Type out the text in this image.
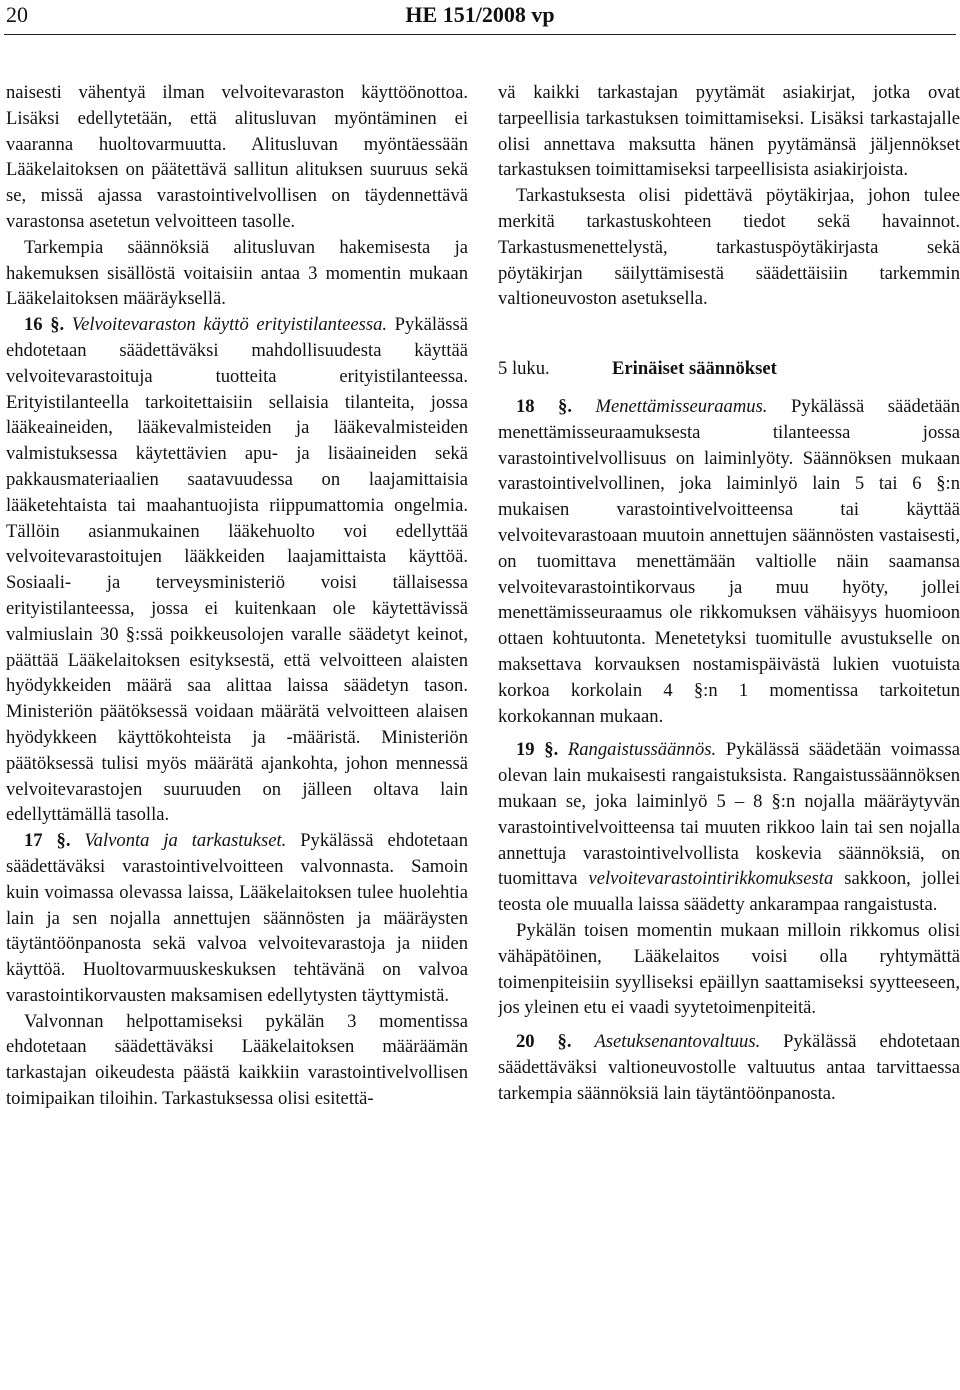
20	HE 151/2008 vp

naisesti vähentyä ilman velvoitevaraston käyttöönottoa. Lisäksi edellytetään, että alitusluvan myöntäminen ei vaaranna huoltovarmuutta. Alitusluvan myöntäessään Lääkelaitoksen on päätettävä sallitun alituksen suuruus sekä se, missä ajassa varastointivelvollisen on täydennettävä varastonsa asetetun velvoitteen tasolle.

Tarkempia säännöksiä alitusluvan hakemisesta ja hakemuksen sisällöstä voitaisiin antaa 3 momentin mukaan Lääkelaitoksen määräyksellä.

16 §. Velvoitevaraston käyttö erityistilanteessa. Pykälässä ehdotetaan säädettäväksi mahdollisuudesta käyttää velvoitevarastoituja tuotteita erityistilanteessa. Erityistilanteella tarkoitettaisiin sellaisia tilanteita, jossa lääkeaineiden, lääkevalmisteiden ja lääkevalmisteiden valmistuksessa käytettävien apu- ja lisäaineiden sekä pakkausmateriaalien saatavuudessa on laajamittaisia lääketehtaista tai maahantuojista riippumattomia ongelmia. Tällöin asianmukainen lääkehuolto voi edellyttää velvoitevarastoitujen lääkkeiden laajamittaista käyttöä. Sosiaali- ja terveysministeriö voisi tällaisessa erityistilanteessa, jossa ei kuitenkaan ole käytettävissä valmiuslain 30 §:ssä poikkeusolojen varalle säädetyt keinot, päättää Lääkelaitoksen esityksestä, että velvoitteen alaisten hyödykkeiden määrä saa alittaa laissa säädetyn tason. Ministeriön päätöksessä voidaan määrätä velvoitteen alaisen hyödykkeen käyttökohteista ja -määristä. Ministeriön päätöksessä tulisi myös määrätä ajankohta, johon mennessä velvoitevarastojen suuruuden on jälleen oltava lain edellyttämällä tasolla.

17 §. Valvonta ja tarkastukset. Pykälässä ehdotetaan säädettäväksi varastointivelvoitteen valvonnasta. Samoin kuin voimassa olevassa laissa, Lääkelaitoksen tulee huolehtia lain ja sen nojalla annettujen säännösten ja määräysten täytäntöönpanosta sekä valvoa velvoitevarastoja ja niiden käyttöä. Huoltovarmuuskeskuksen tehtävänä on valvoa varastointikorvausten maksamisen edellytysten täyttymistä.

Valvonnan helpottamiseksi pykälän 3 momentissa ehdotetaan säädettäväksi Lääkelaitoksen määräämän tarkastajan oikeudesta päästä kaikkiin varastointivelvollisen toimipaikan tiloihin. Tarkastuksessa olisi esitettä-

vä kaikki tarkastajan pyytämät asiakirjat, jotka ovat tarpeellisia tarkastuksen toimittamiseksi. Lisäksi tarkastajalle olisi annettava maksutta hänen pyytämänsä jäljennökset tarkastuksen toimittamiseksi tarpeellisista asiakirjoista.

Tarkastuksesta olisi pidettävä pöytäkirjaa, johon tulee merkitä tarkastuskohteen tiedot sekä havainnot. Tarkastusmenettelystä, tarkastuspöytäkirjasta sekä pöytäkirjan säilyttämisestä säädettäisiin tarkemmin valtioneuvoston asetuksella.

5 luku.	Erinäiset säännökset

18 §. Menettämisseuraamus. Pykälässä säädetään menettämisseuraamuksesta tilanteessa jossa varastointivelvollisuus on laiminlyöty. Säännöksen mukaan varastointivelvollinen, joka laiminlyö lain 5 tai 6 §:n mukaisen varastointivelvoitteensa tai käyttää velvoitevarastoaan muutoin annettujen säännösten vastaisesti, on tuomittava menettämään valtiolle näin saamansa velvoitevarastointikorvaus ja muu hyöty, jollei menettämisseuraamus ole rikkomuksen vähäisyys huomioon ottaen kohtuutonta. Menetetyksi tuomitulle avustukselle on maksettava korvauksen nostamispäivästä lukien vuotuista korkoa korkolain 4 §:n 1 momentissa tarkoitetun korkokannan mukaan.

19 §. Rangaistussäännös. Pykälässä säädetään voimassa olevan lain mukaisesti rangaistuksista. Rangaistussäännöksen mukaan se, joka laiminlyö 5 – 8 §:n nojalla määräytyvän varastointivelvoitteensa tai muuten rikkoo lain tai sen nojalla annettuja varastointivelvollista koskevia säännöksiä, on tuomittava velvoitevarastointirikkomuksesta sakkoon, jollei teosta ole muualla laissa säädetty ankarampaa rangaistusta.

Pykälän toisen momentin mukaan milloin rikkomus olisi vähäpätöinen, Lääkelaitos voisi olla ryhtymättä toimenpiteisiin syylliseksi epäillyn saattamiseksi syytteeseen, jos yleinen etu ei vaadi syytetoimenpiteitä.

20 §. Asetuksenantovaltuus. Pykälässä ehdotetaan säädettäväksi valtioneuvostolle valtuutus antaa tarvittaessa tarkempia säännöksiä lain täytäntöönpanosta.
